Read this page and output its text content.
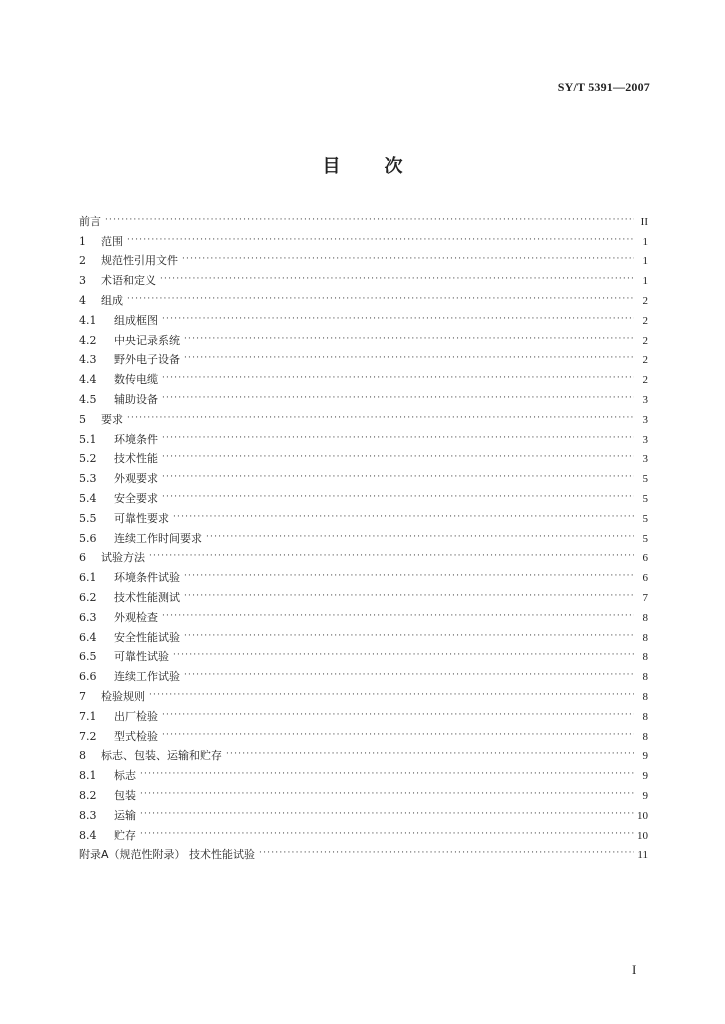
SY/T 5391—2007
目 次
前言 ·····	II
1	范围 ·····	1
2	规范性引用文件 ·····	1
3	术语和定义 ·····	1
4	组成 ·····	2
4.1	组成框图 ·····	2
4.2	中央记录系统 ·····	2
4.3	野外电子设备 ·····	2
4.4	数传电缆 ·····	2
4.5	辅助设备 ·····	3
5	要求 ·····	3
5.1	环境条件 ·····	3
5.2	技术性能 ·····	3
5.3	外观要求 ·····	5
5.4	安全要求 ·····	5
5.5	可靠性要求 ·····	5
5.6	连续工作时间要求 ·····	5
6	试验方法 ·····	6
6.1	环境条件试验 ·····	6
6.2	技术性能测试 ·····	7
6.3	外观检查 ·····	8
6.4	安全性能试验 ·····	8
6.5	可靠性试验 ·····	8
6.6	连续工作试验 ·····	8
7	检验规则 ·····	8
7.1	出厂检验 ·····	8
7.2	型式检验 ·····	8
8	标志、包装、运输和贮存 ·····	9
8.1	标志 ·····	9
8.2	包装 ·····	9
8.3	运输 ·····	10
8.4	贮存 ·····	10
附录A（规范性附录） 技术性能试验 ·····	11
I
